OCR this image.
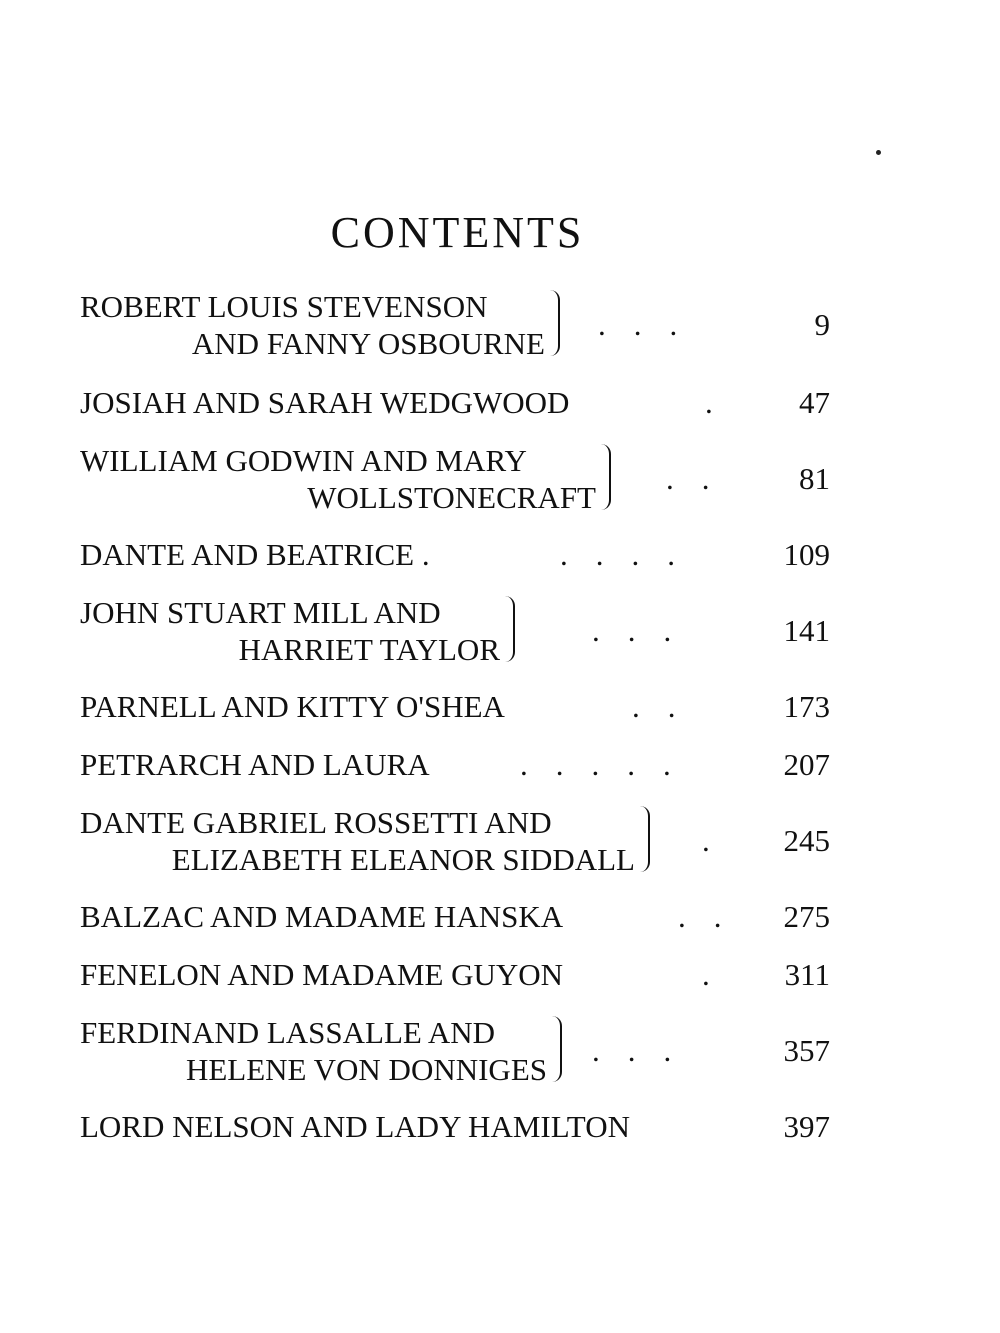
CONTENTS
ROBERT LOUIS STEVENSON
AND FANNY OSBOURNE
...	9
JOSIAH AND SARAH WEDGWOOD	. 47
WILLIAM GODWIN AND MARY
WOLLSTONECRAFT
.. 81
DANTE AND BEATRICE .	....	109
JOHN STUART MILL AND
HARRIET TAYLOR
...	141
PARNELL AND KITTY O'SHEA	..	173
PETRARCH AND LAURA	.....	207
DANTE GABRIEL ROSSETTI AND
ELIZABETH ELEANOR SIDDALL
. 245
BALZAC AND MADAME HANSKA	.. 275
FENELON AND MADAME GUYON	. 311
FERDINAND LASSALLE AND
HELENE VON DONNIGES
...	357
LORD NELSON AND LADY HAMILTON	397
